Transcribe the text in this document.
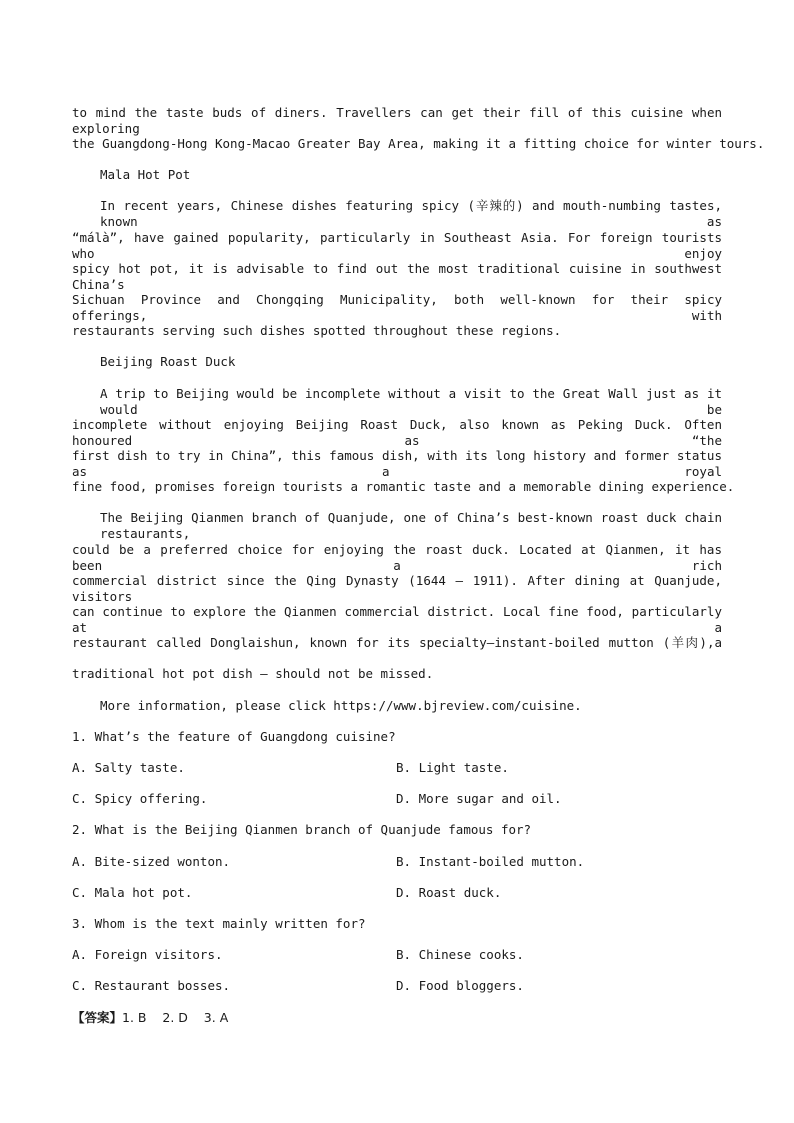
to mind the taste buds of diners. Travellers can get their fill of this cuisine when exploring
the Guangdong-Hong Kong-Macao Greater Bay Area, making it a fitting choice for winter tours.
Mala Hot Pot
In recent years, Chinese dishes featuring spicy (辛辣的) and mouth-numbing tastes, known as
“málà”, have gained popularity, particularly in Southeast Asia. For foreign tourists who enjoy
spicy hot pot, it is advisable to find out the most traditional cuisine in southwest China’s
Sichuan Province and Chongqing Municipality, both well-known for their spicy offerings, with
restaurants serving such dishes spotted throughout these regions.
Beijing Roast Duck
A trip to Beijing would be incomplete without a visit to the Great Wall just as it would be
incomplete without enjoying Beijing Roast Duck, also known as Peking Duck. Often honoured as “the
first dish to try in China”, this famous dish, with its long history and former status as a royal
fine food, promises foreign tourists a romantic taste and a memorable dining experience.
The Beijing Qianmen branch of Quanjude, one of China’s best-known roast duck chain restaurants,
could be a preferred choice for enjoying the roast duck. Located at Qianmen, it has been a rich
commercial district since the Qing Dynasty (1644 — 1911). After dining at Quanjude, visitors
can continue to explore the Qianmen commercial district. Local fine food, particularly at a
restaurant called Donglaishun, known for its specialty—instant-boiled mutton (羊肉),a
traditional hot pot dish — should not be missed.
More information, please click https://www.bjreview.com/cuisine.
1. What’s the feature of Guangdong cuisine?
A. Salty taste.	B. Light taste.
C. Spicy offering.	D. More sugar and oil.
2. What is the Beijing Qianmen branch of Quanjude famous for?
A. Bite-sized wonton.	B. Instant-boiled mutton.
C. Mala hot pot.	D. Roast duck.
3. Whom is the text mainly written for?
A. Foreign visitors.	B. Chinese cooks.
C. Restaurant bosses.	D. Food bloggers.
【答案】1. B    2. D    3. A
